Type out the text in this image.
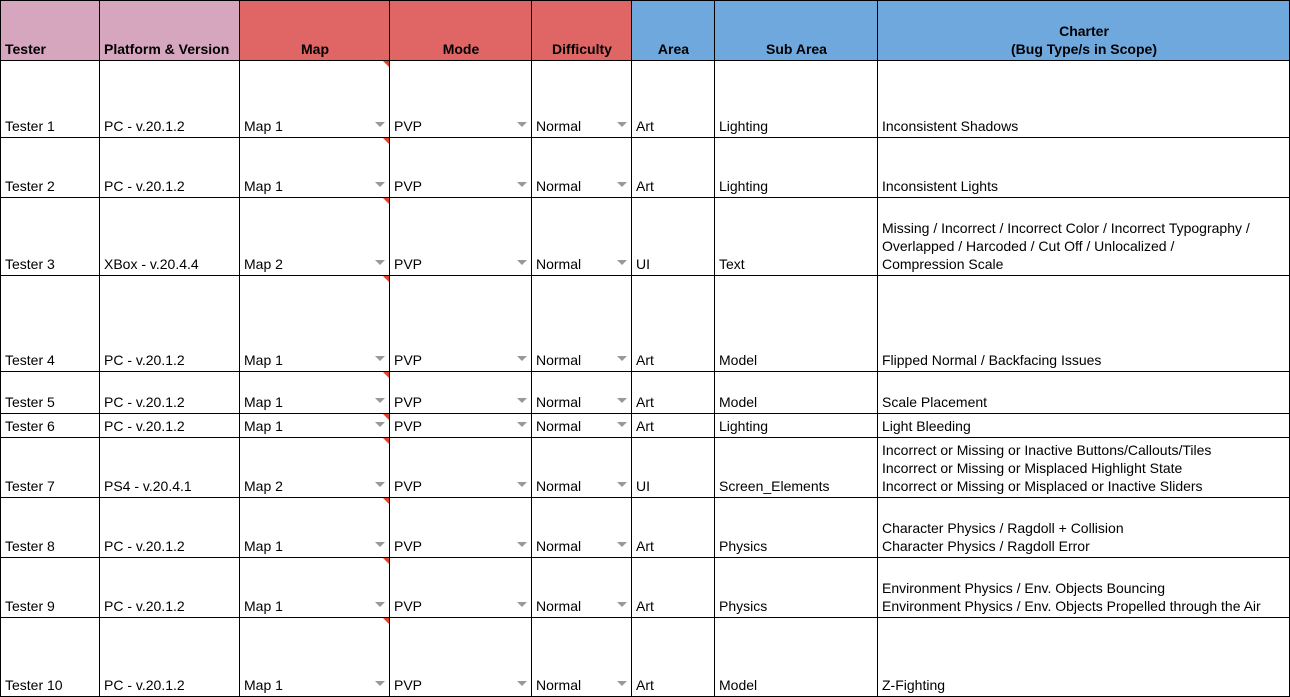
Tester	Platform & Version	Map	Mode	Difficulty	Area	Sub Area
Charter
(Bug Type/s in Scope)
Tester 1	PC - v.20.1.2	Map 1	PVP	Normal	Art	Lighting	Inconsistent Shadows
Tester 2	PC - v.20.1.2	Map 1	PVP	Normal	Art	Lighting	Inconsistent Lights
Tester 3	XBox - v.20.4.4	Map 2	PVP	Normal	UI	Text
Missing / Incorrect / Incorrect Color / Incorrect Typography /
Overlapped / Harcoded / Cut Off / Unlocalized /
Compression Scale
Tester 4	PC - v.20.1.2	Map 1	PVP	Normal	Art	Model	Flipped Normal / Backfacing Issues
Tester 5	PC - v.20.1.2	Map 1	PVP	Normal	Art	Model	Scale Placement
Tester 6	PC - v.20.1.2	Map 1	PVP	Normal	Art	Lighting	Light Bleeding
Tester 7	PS4 - v.20.4.1	Map 2	PVP	Normal	UI	Screen_Elements
Incorrect or Missing or Inactive Buttons/Callouts/Tiles
Incorrect or Missing or Misplaced Highlight State
Incorrect or Missing or Misplaced or Inactive Sliders
Tester 8	PC - v.20.1.2	Map 1	PVP	Normal	Art	Physics
Character Physics / Ragdoll + Collision
Character Physics / Ragdoll Error
Tester 9	PC - v.20.1.2	Map 1	PVP	Normal	Art	Physics
Environment Physics / Env. Objects Bouncing
Environment Physics / Env. Objects Propelled through the Air
Tester 10	PC - v.20.1.2	Map 1	PVP	Normal	Art	Model	Z-Fighting
